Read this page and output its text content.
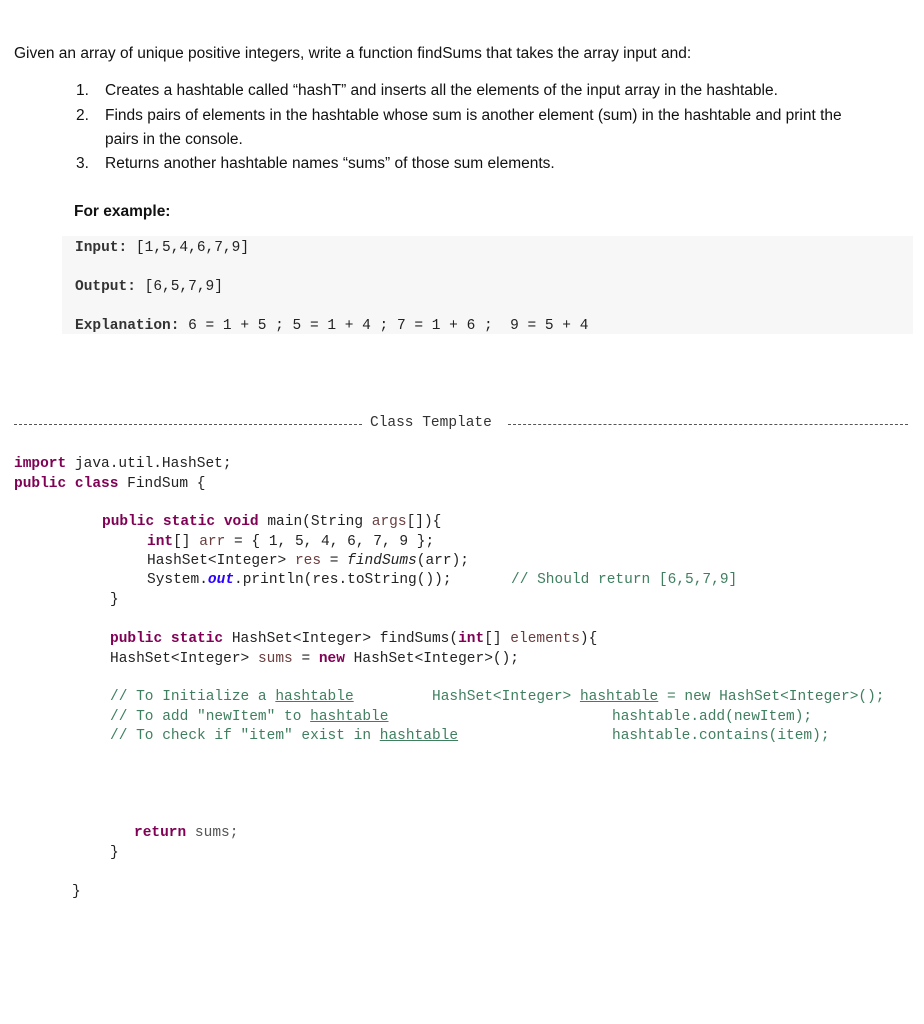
Given an array of unique positive integers, write a function findSums that takes the array input and:
1. Creates a hashtable called “hashT” and inserts all the elements of the input array in the hashtable.
2. Finds pairs of elements in the hashtable whose sum is another element (sum) in the hashtable and print the
pairs in the console.
3. Returns another hashtable names “sums” of those sum elements.
For example:
Input: [1,5,4,6,7,9]
Output: [6,5,7,9]
Explanation: 6 = 1 + 5 ; 5 = 1 + 4 ; 7 = 1 + 6 ;  9 = 5 + 4
Class Template
import java.util.HashSet;
public class FindSum {
public static void main(String args[]){
int[] arr = { 1, 5, 4, 6, 7, 9 };
HashSet<Integer> res = findSums(arr);
System.out.println(res.toString());	// Should return [6,5,7,9]
}
public static HashSet<Integer> findSums(int[] elements){
HashSet<Integer> sums = new HashSet<Integer>();
// To Initialize a hashtable
// To add "newItem" to hashtable
// To check if "item" exist in hashtable
HashSet<Integer> hashtable = new HashSet<Integer>();
hashtable.add(newItem);
hashtable.contains(item);
return sums;
}
}
